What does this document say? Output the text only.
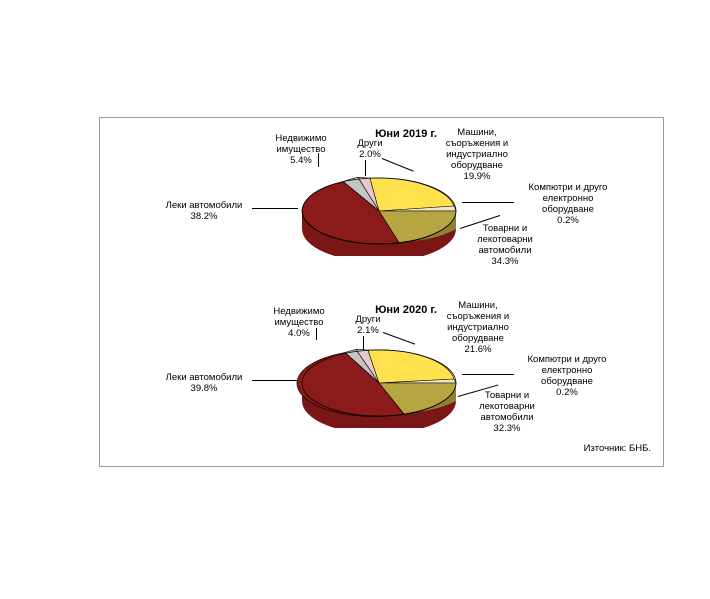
Юни 2019 г.
Недвижимо
имущество
5.4%
Други
2.0%
Машини,
съоръжения и
индустриално
оборудване
19.9%
Компютри и друго
електронно
оборудване
0.2%
Товарни и
лекотоварни
автомобили
34.3%
Леки автомобили
38.2%
Юни 2020 г.
Недвижимо
имущество
4.0%
Други
2.1%
Машини,
съоръжения и
индустриално
оборудване
21.6%
Компютри и друго
електронно
оборудване
0.2%
Товарни и
лекотоварни
автомобили
32.3%
Леки автомобили
39.8%
Източник: БНБ.
